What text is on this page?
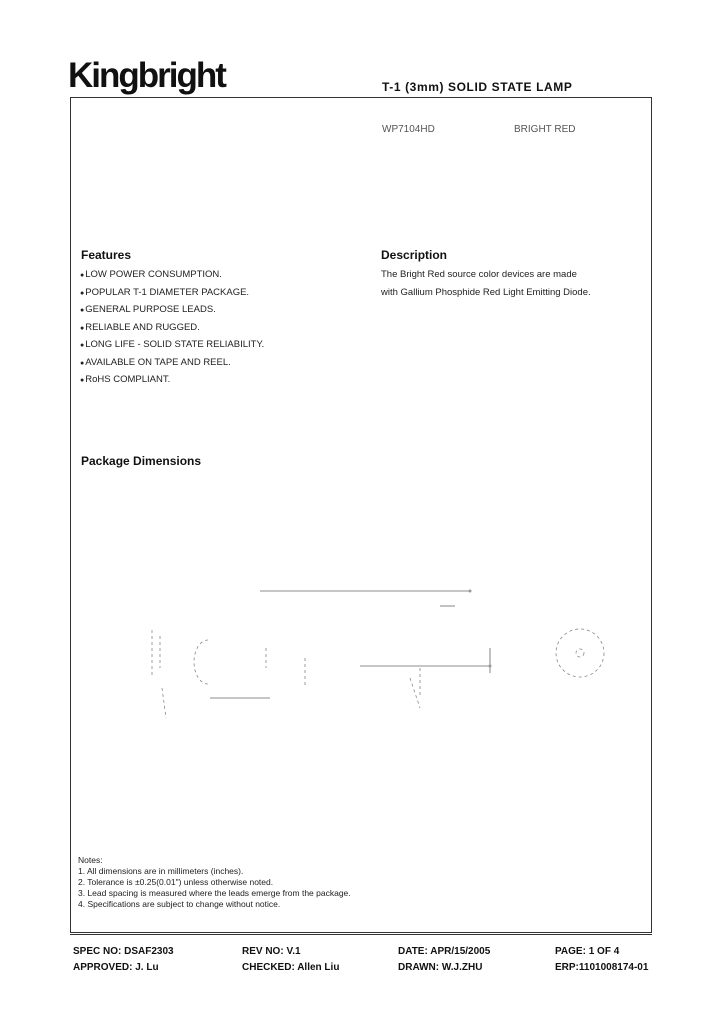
Kingbright	T-1 (3mm) SOLID STATE LAMP
WP7104HD	BRIGHT RED
Features
●LOW POWER CONSUMPTION.
●POPULAR T-1 DIAMETER PACKAGE.
●GENERAL PURPOSE LEADS.
●RELIABLE AND RUGGED.
●LONG LIFE - SOLID STATE RELIABILITY.
●AVAILABLE ON TAPE AND REEL.
●RoHS COMPLIANT.
Description
The Bright Red source color devices are made
with Gallium Phosphide Red Light Emitting Diode.
Package Dimensions
Notes:
1. All dimensions are in millimeters (inches).
2. Tolerance is ±0.25(0.01") unless otherwise noted.
3. Lead spacing is measured where the leads emerge from the package.
4. Specifications are subject to change without notice.
SPEC NO: DSAF2303	REV NO: V.1	DATE: APR/15/2005	PAGE: 1 OF 4
APPROVED: J. Lu	CHECKED: Allen Liu	DRAWN: W.J.ZHU	ERP:1101008174-01
